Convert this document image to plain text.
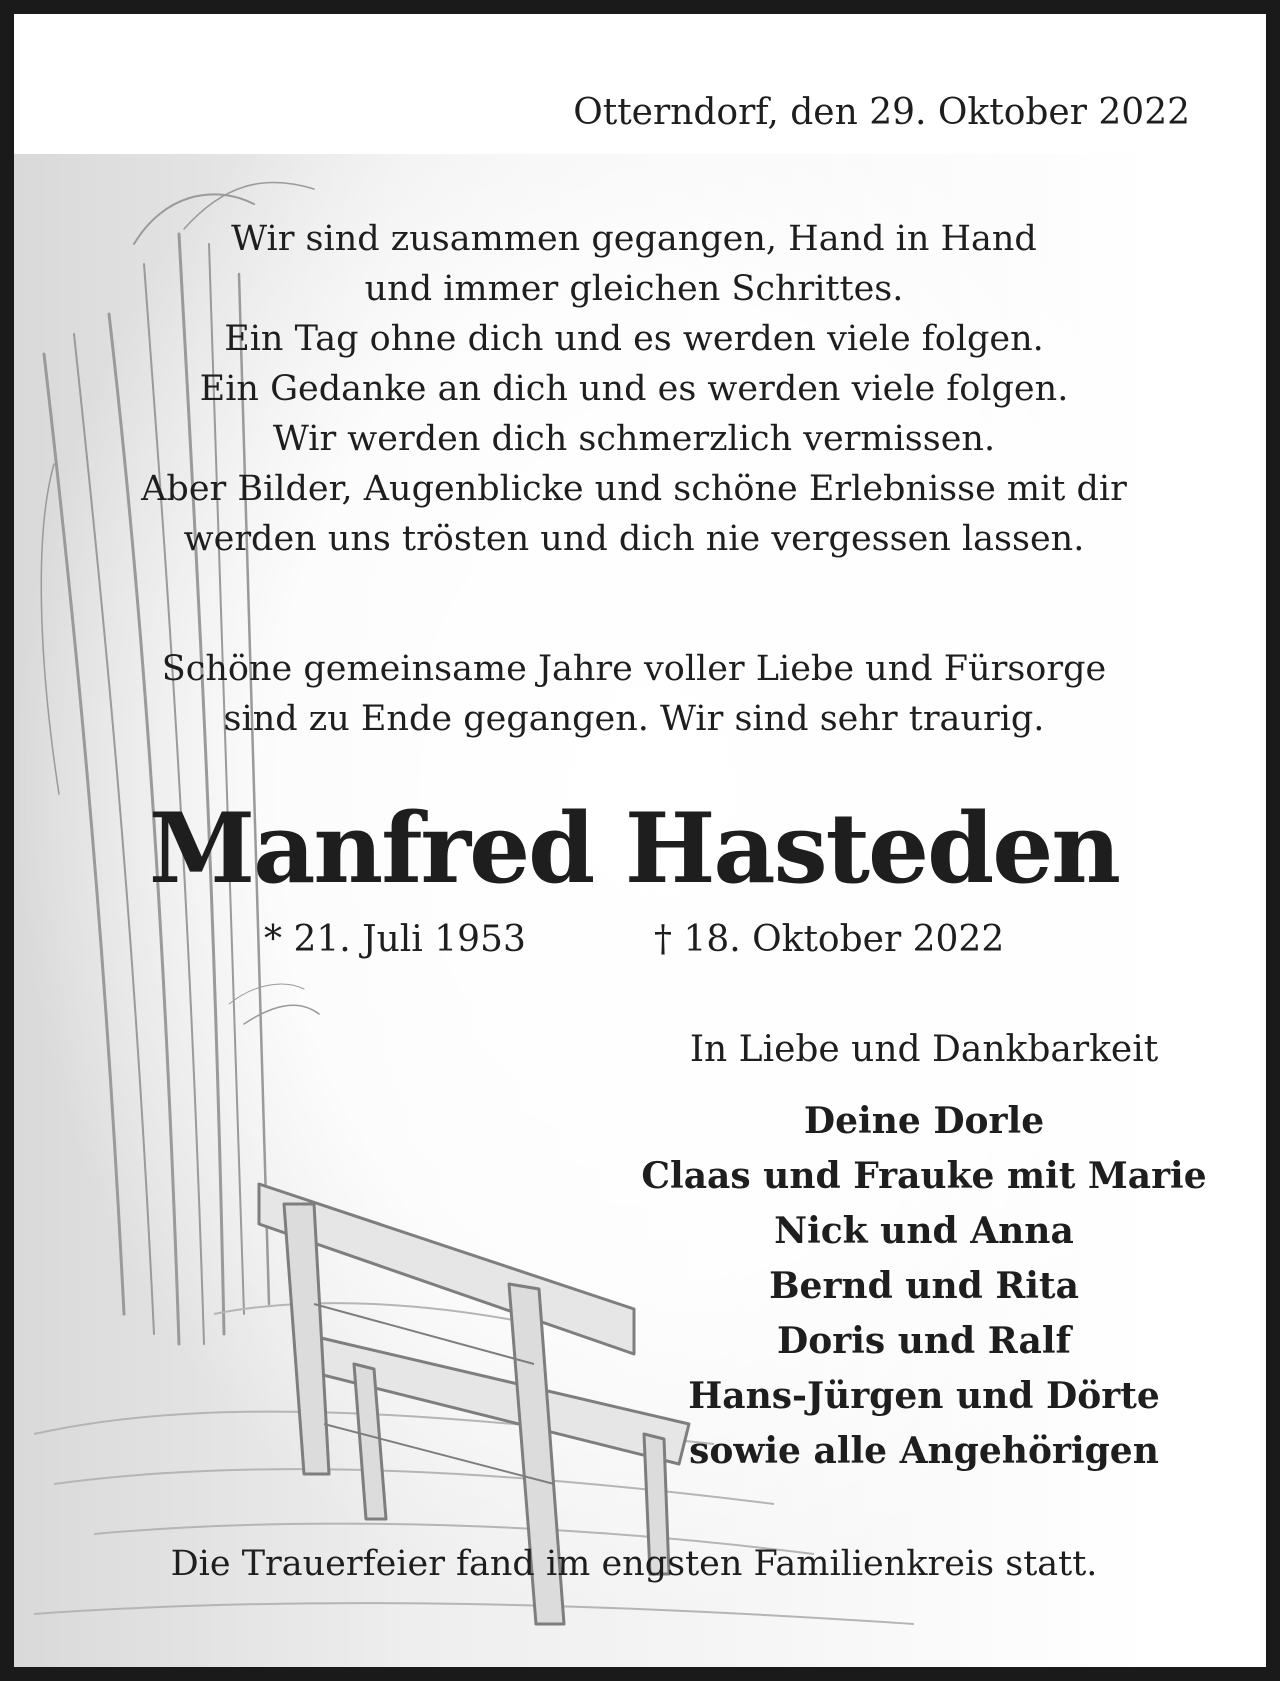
Otterndorf, den 29. Oktober 2022
Wir sind zusammen gegangen, Hand in Hand
und immer gleichen Schrittes.
Ein Tag ohne dich und es werden viele folgen.
Ein Gedanke an dich und es werden viele folgen.
Wir werden dich schmerzlich vermissen.
Aber Bilder, Augenblicke und schöne Erlebnisse mit dir
werden uns trösten und dich nie vergessen lassen.
Schöne gemeinsame Jahre voller Liebe und Fürsorge
sind zu Ende gegangen. Wir sind sehr traurig.
Manfred Hasteden
* 21. Juli 1953	† 18. Oktober 2022
In Liebe und Dankbarkeit
Deine Dorle
Claas und Frauke mit Marie
Nick und Anna
Bernd und Rita
Doris und Ralf
Hans-Jürgen und Dörte
sowie alle Angehörigen
Die Trauerfeier fand im engsten Familienkreis statt.
